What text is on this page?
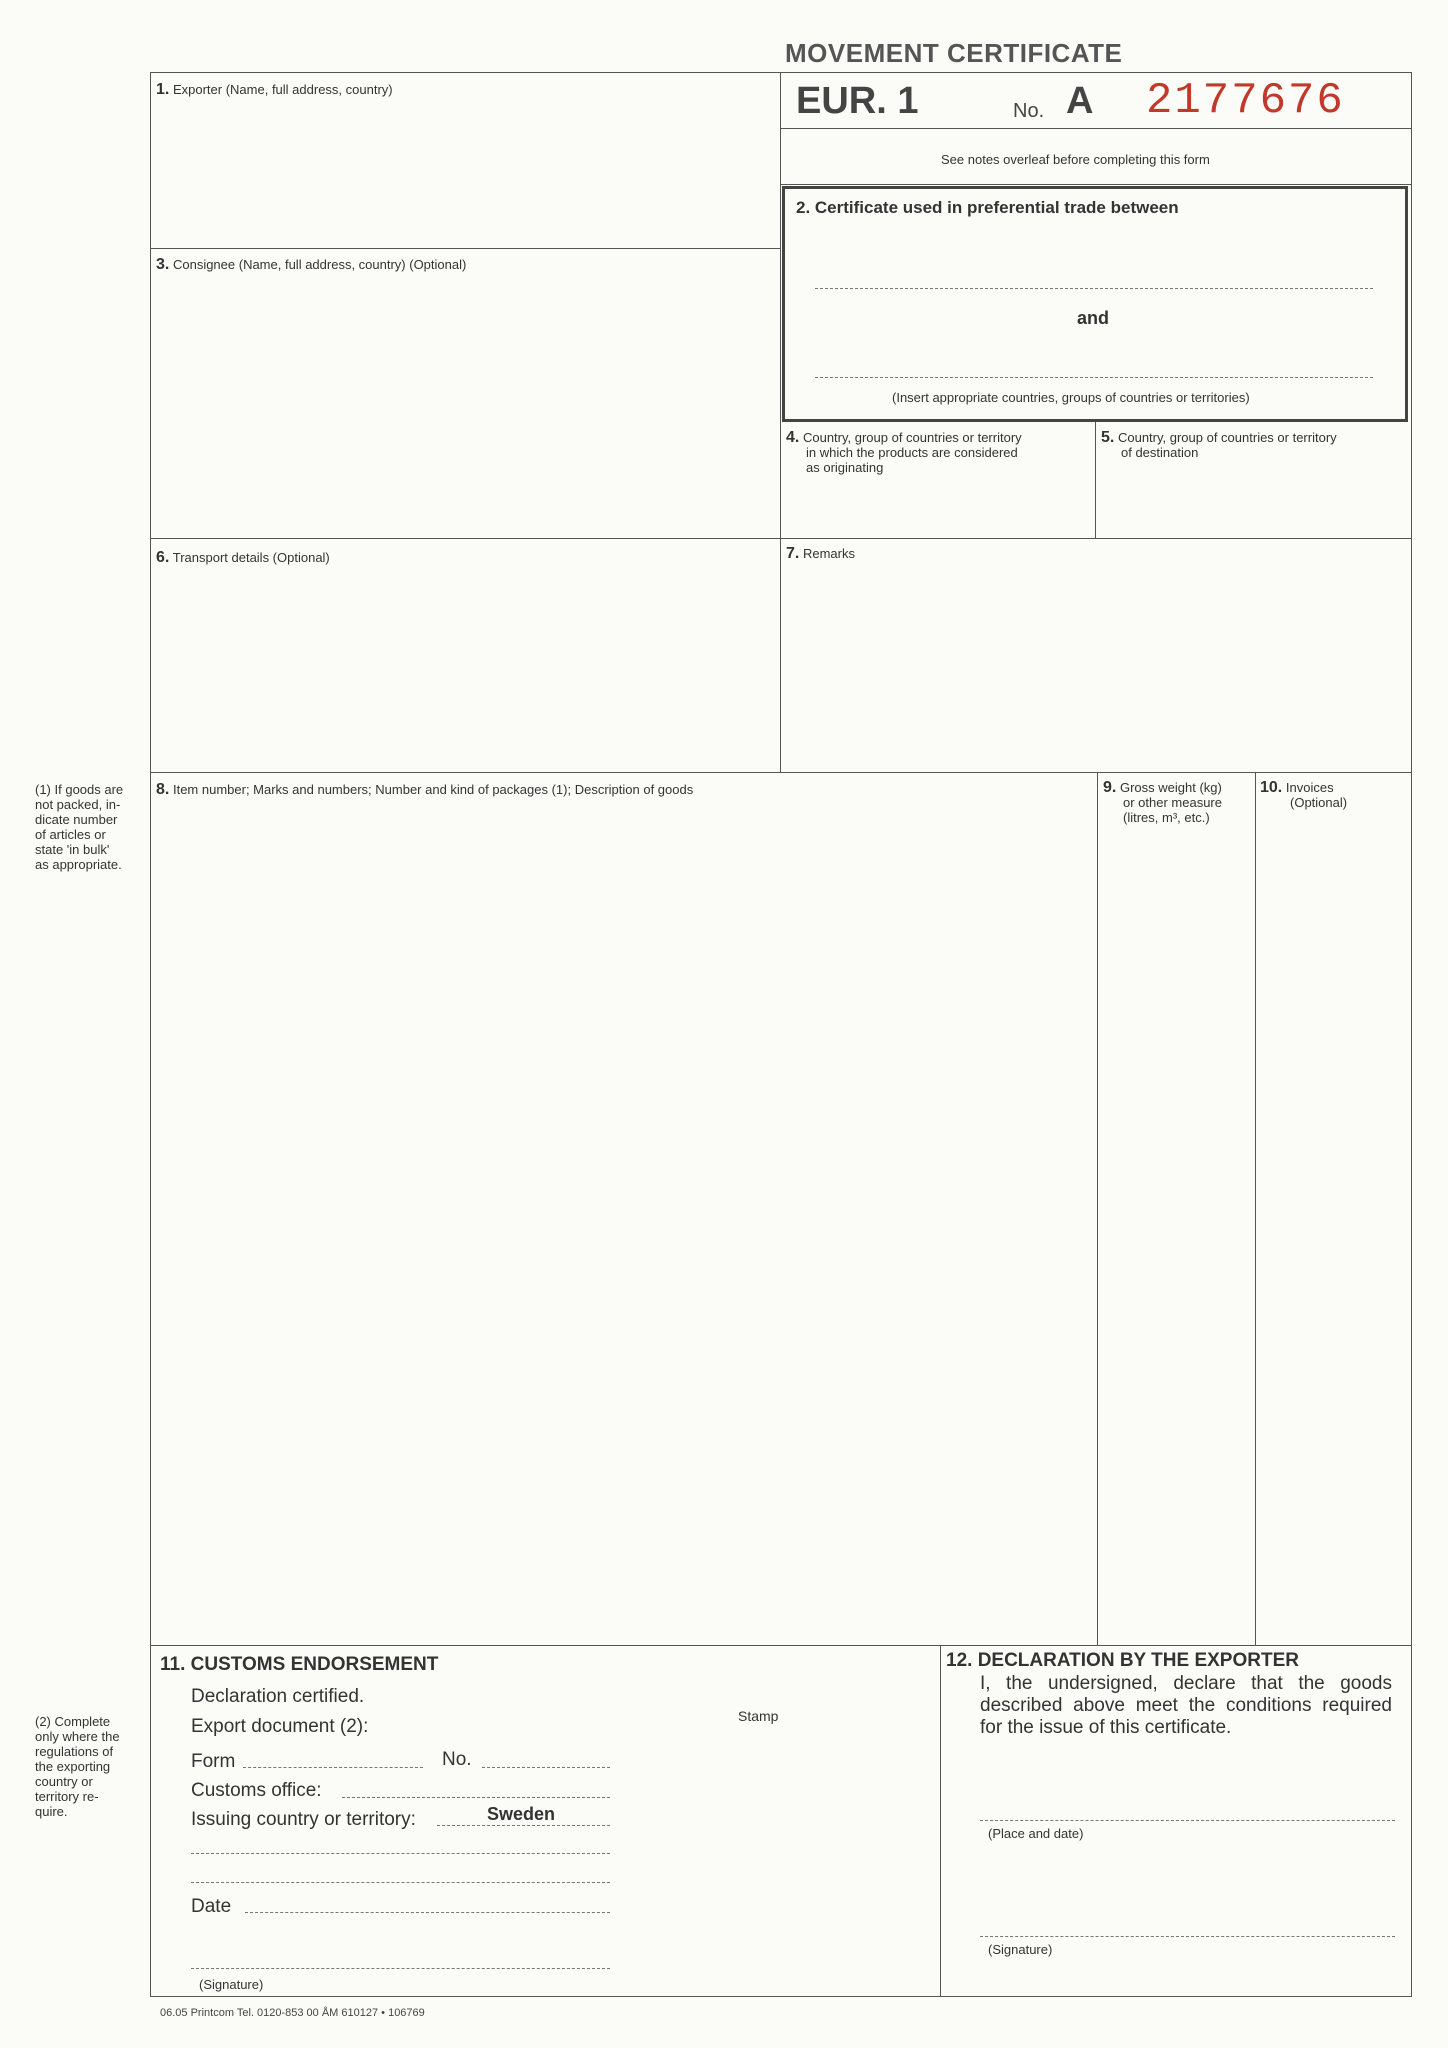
MOVEMENT CERTIFICATE
1. Exporter (Name, full address, country)	EUR. 1	No. A 2177676
See notes overleaf before completing this form
2. Certificate used in preferential trade between
and
(Insert appropriate countries, groups of countries or territories)
3. Consignee (Name, full address, country) (Optional)
4. Country, group of countries or territory
in which the products are considered
as originating
5. Country, group of countries or territory
of destination
6. Transport details (Optional)	7. Remarks
8. Item number; Marks and numbers; Number and kind of packages (1); Description of goods	9. Gross weight (kg)
or other measure
(litres, m³, etc.)
10. Invoices
(Optional)
11. CUSTOMS ENDORSEMENT
Declaration certified.
Export document (2):	Stamp
Form	No.
Customs office:
Issuing country or territory:	Sweden
Date
(Signature)
12. DECLARATION BY THE EXPORTER
I, the undersigned, declare that the goods
described above meet the conditions required
for the issue of this certificate.
(Place and date)
(Signature)
(1) If goods are
not packed, in-
dicate number
of articles or
state 'in bulk'
as appropriate.
(2) Complete
only where the
regulations of
the exporting
country or
territory re-
quire.
06.05 Printcom Tel. 0120-853 00 ÅM 610127 • 106769
